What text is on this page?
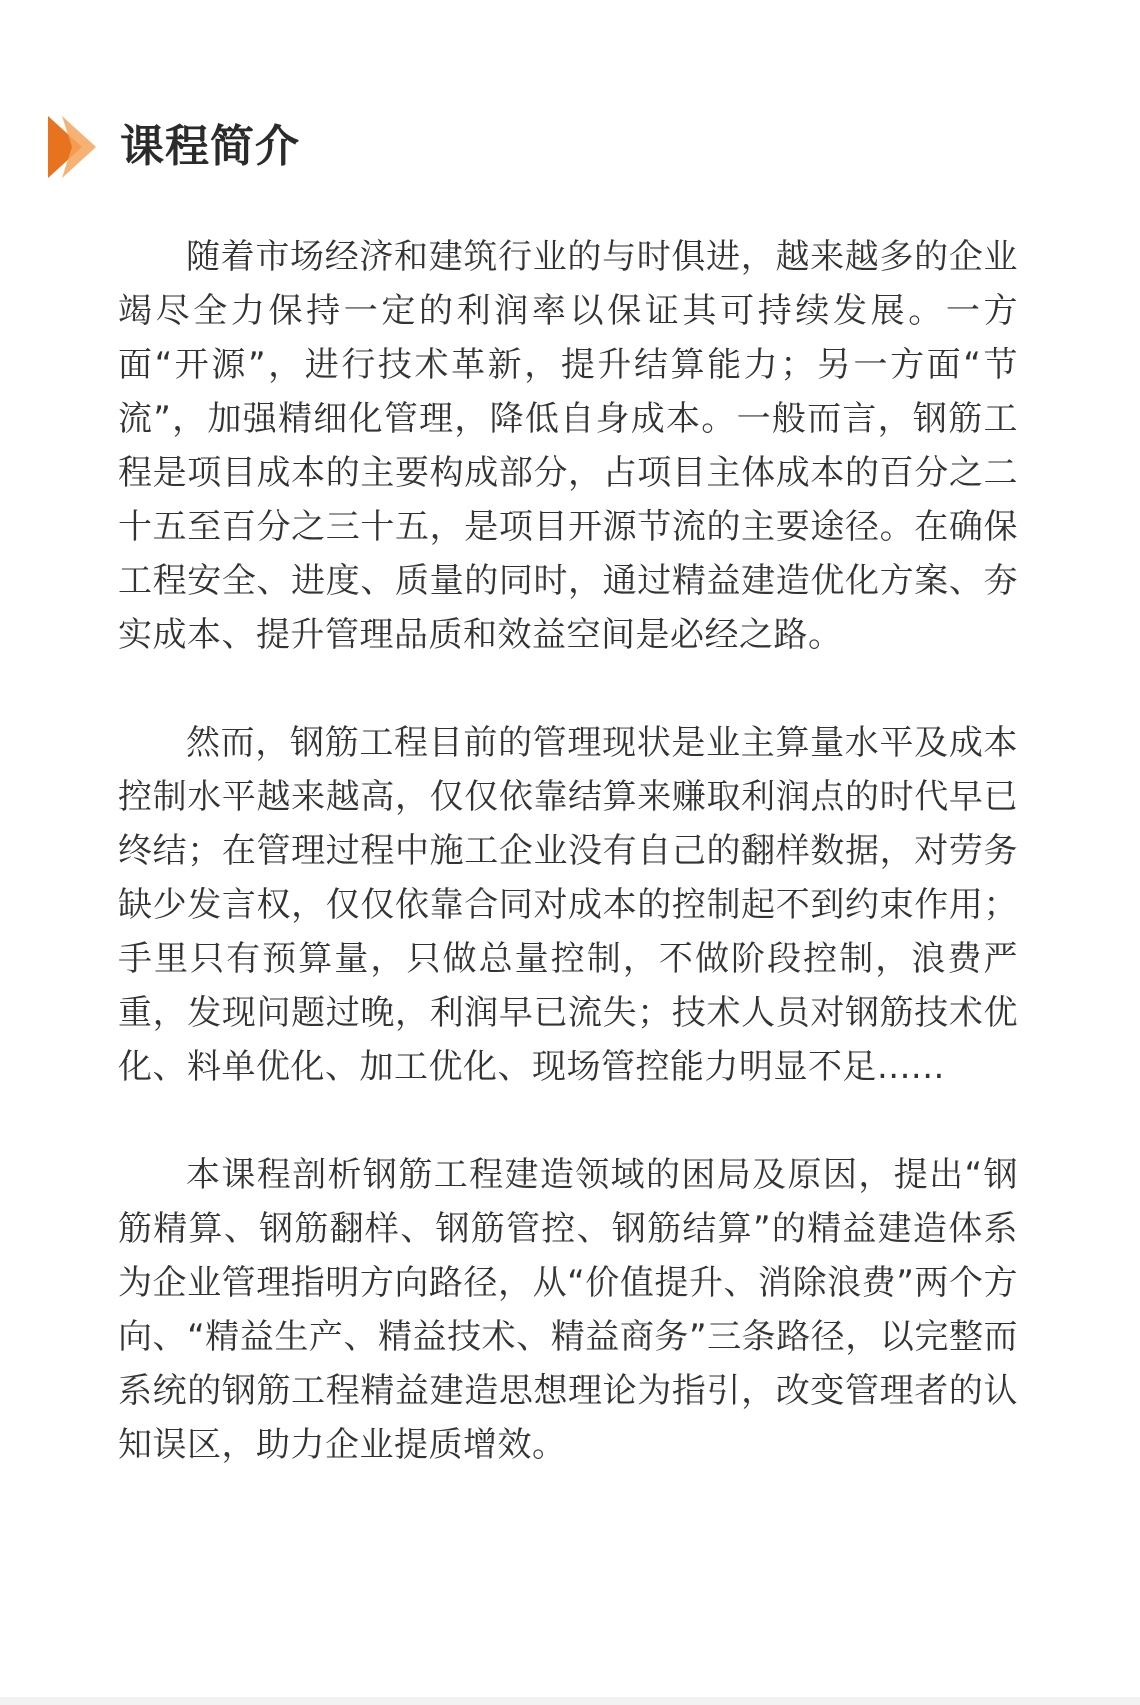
课程简介

随着市场经济和建筑行业的与时俱进，越来越多的企业竭尽全力保持一定的利润率以保证其可持续发展。一方面“开源”，进行技术革新，提升结算能力；另一方面“节流”，加强精细化管理，降低自身成本。一般而言，钢筋工程是项目成本的主要构成部分，占项目主体成本的百分之二十五至百分之三十五，是项目开源节流的主要途径。在确保工程安全、进度、质量的同时，通过精益建造优化方案、夯实成本、提升管理品质和效益空间是必经之路。

然而，钢筋工程目前的管理现状是业主算量水平及成本控制水平越来越高，仅仅依靠结算来赚取利润点的时代早已终结；在管理过程中施工企业没有自己的翻样数据，对劳务缺少发言权，仅仅依靠合同对成本的控制起不到约束作用；手里只有预算量，只做总量控制，不做阶段控制，浪费严重，发现问题过晚，利润早已流失；技术人员对钢筋技术优化、料单优化、加工优化、现场管控能力明显不足......

本课程剖析钢筋工程建造领域的困局及原因，提出“钢筋精算、钢筋翻样、钢筋管控、钢筋结算”的精益建造体系为企业管理指明方向路径，从“价值提升、消除浪费”两个方向、“精益生产、精益技术、精益商务”三条路径，以完整而系统的钢筋工程精益建造思想理论为指引，改变管理者的认知误区，助力企业提质增效。
